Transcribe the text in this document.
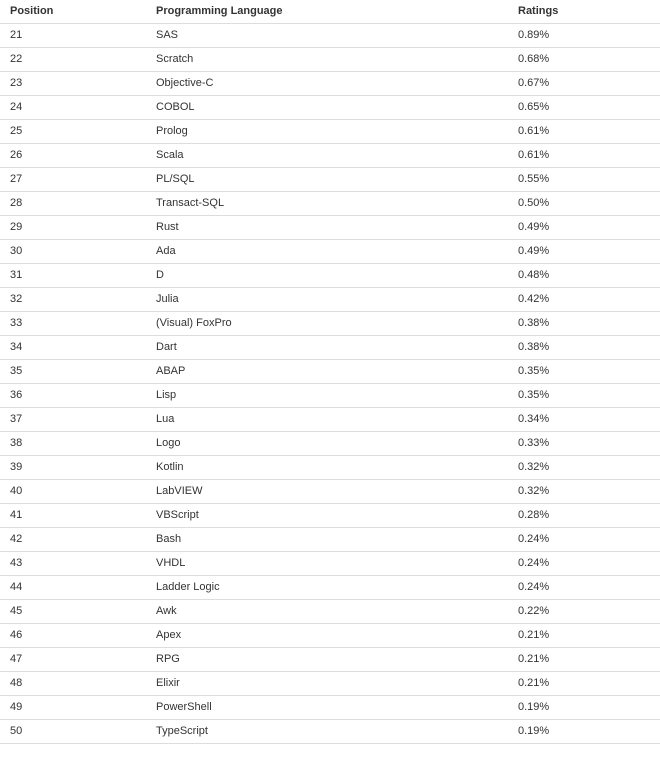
Position	Programming Language	Ratings
21	SAS	0.89%
22	Scratch	0.68%
23	Objective-C	0.67%
24	COBOL	0.65%
25	Prolog	0.61%
26	Scala	0.61%
27	PL/SQL	0.55%
28	Transact-SQL	0.50%
29	Rust	0.49%
30	Ada	0.49%
31	D	0.48%
32	Julia	0.42%
33	(Visual) FoxPro	0.38%
34	Dart	0.38%
35	ABAP	0.35%
36	Lisp	0.35%
37	Lua	0.34%
38	Logo	0.33%
39	Kotlin	0.32%
40	LabVIEW	0.32%
41	VBScript	0.28%
42	Bash	0.24%
43	VHDL	0.24%
44	Ladder Logic	0.24%
45	Awk	0.22%
46	Apex	0.21%
47	RPG	0.21%
48	Elixir	0.21%
49	PowerShell	0.19%
50	TypeScript	0.19%
